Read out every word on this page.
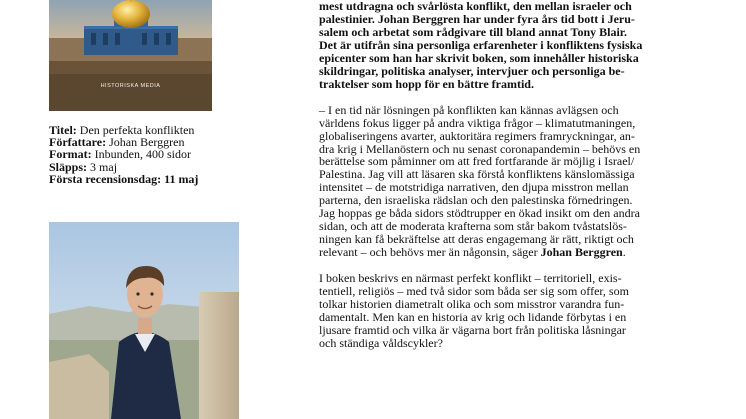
HISTORISKA MEDIA
Titel: Den perfekta konflikten
Författare: Johan Berggren
Format: Inbunden, 400 sidor
Släpps: 3 maj
Första recensionsdag: 11 maj

mest utdragna och svårlösta konflikt, den mellan israeler och
palestinier. Johan Berggren har under fyra års tid bott i Jeru-
salem och arbetat som rådgivare till bland annat Tony Blair.
Det är utifrån sina personliga erfarenheter i konfliktens fysiska
epicenter som han har skrivit boken, som innehåller historiska
skildringar, politiska analyser, intervjuer och personliga be-
traktelser som hopp för en bättre framtid.

– I en tid när lösningen på konflikten kan kännas avlägsen och
världens fokus ligger på andra viktiga frågor – klimatutmaningen,
globaliseringens avarter, auktoritära regimers framryckningar, an-
dra krig i Mellanöstern och nu senast coronapandemin – behövs en
berättelse som påminner om att fred fortfarande är möjlig i Israel/
Palestina. Jag vill att läsaren ska förstå konfliktens känslomässiga
intensitet – de motstridiga narrativen, den djupa misstron mellan
parterna, den israeliska rädslan och den palestinska förnedringen.
Jag hoppas ge båda sidors stödtrupper en ökad insikt om den andra
sidan, och att de moderata krafterna som står bakom tvåstatslös-
ningen kan få bekräftelse att deras engagemang är rätt, riktigt och
relevant – och behövs mer än någonsin, säger Johan Berggren.

I boken beskrivs en närmast perfekt konflikt – territoriell, exis-
tentiell, religiös – med två sidor som båda ser sig som offer, som
tolkar historien diametralt olika och som misstror varandra fun-
damentalt. Men kan en historia av krig och lidande förbytas i en
ljusare framtid och vilka är vägarna bort från politiska låsningar
och ständiga våldscykler?
